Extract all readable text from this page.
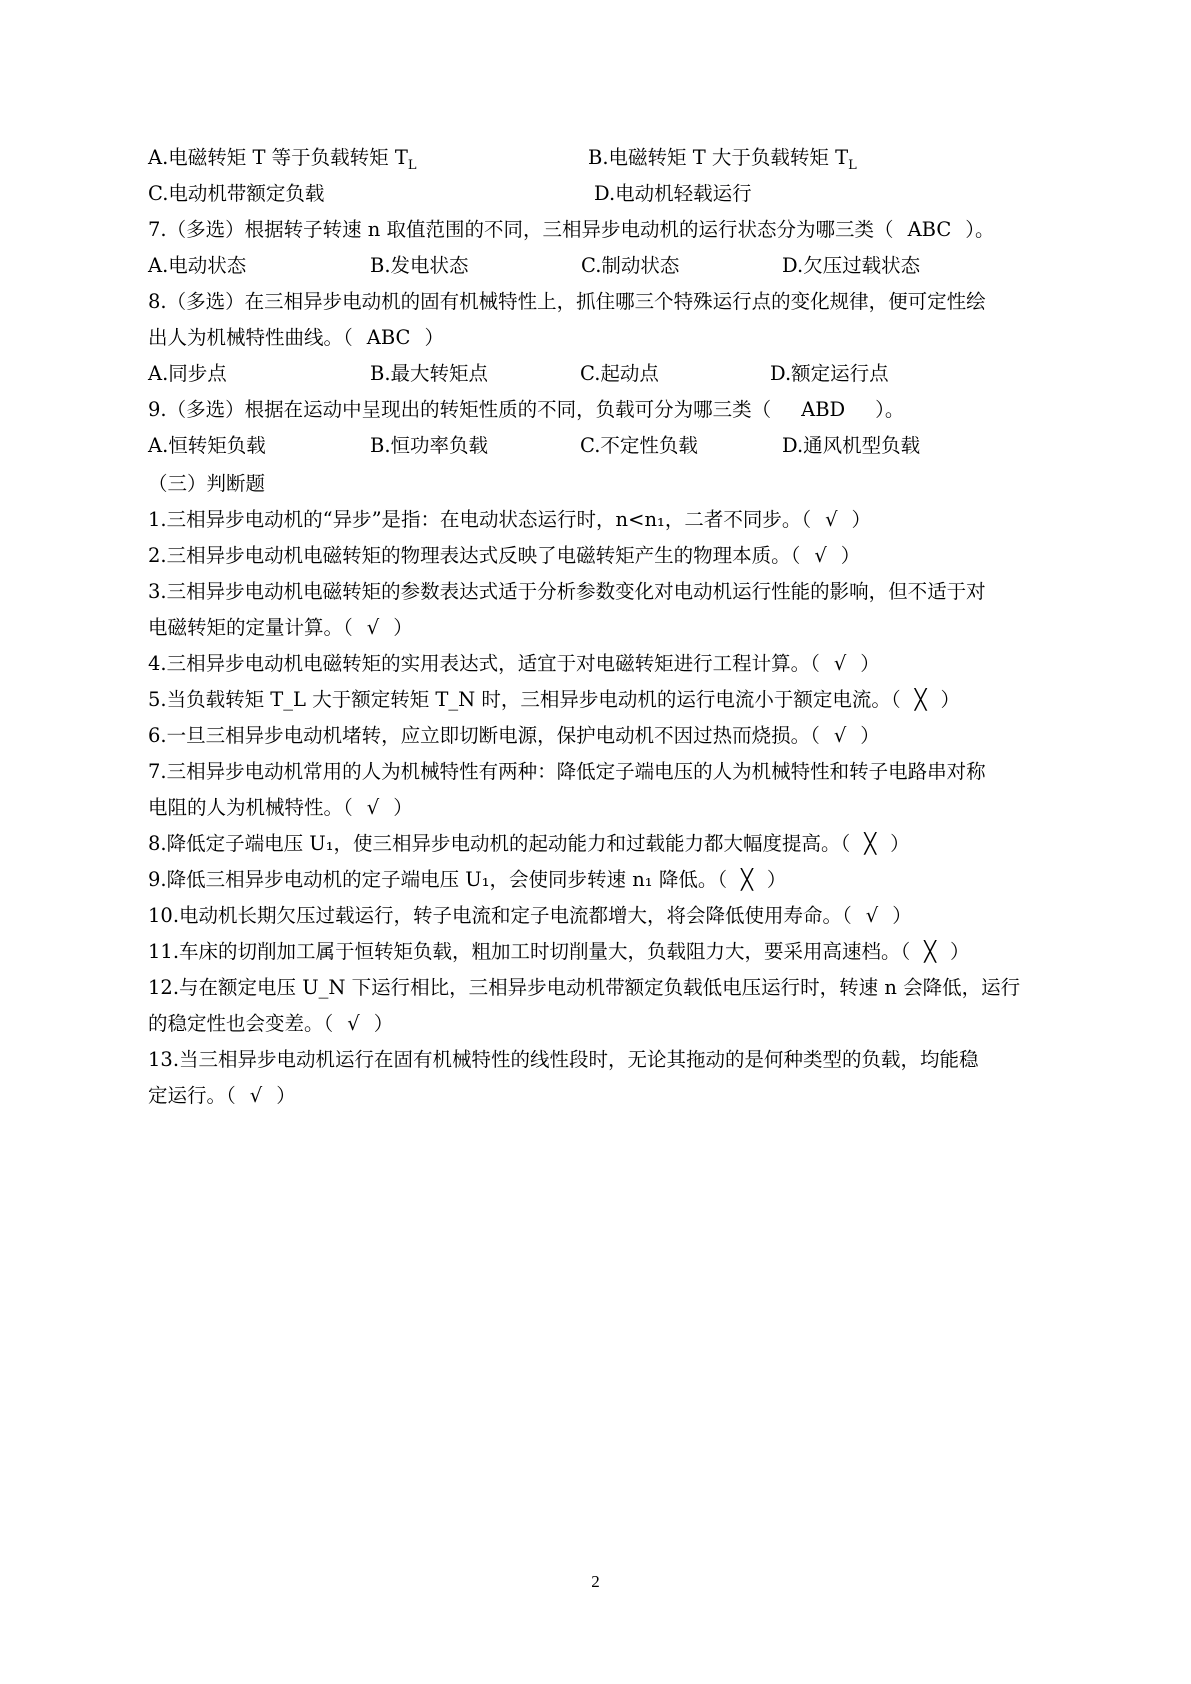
A.电磁转矩 T 等于负载转矩 $T_L$	B.电磁转矩 T 大于负载转矩 $T_L$
C.电动机带额定负载	D.电动机轻载运行
7.（多选）根据转子转速 n 取值范围的不同，三相异步电动机的运行状态分为哪三类（ ABC ）。
A.电动状态	B.发电状态	C.制动状态	D.欠压过载状态
8.（多选）在三相异步电动机的固有机械特性上，抓住哪三个特殊运行点的变化规律，便可定性绘
出人为机械特性曲线。（ ABC ）
A.同步点	B.最大转矩点	C.起动点	D.额定运行点
9.（多选）根据在运动中呈现出的转矩性质的不同，负载可分为哪三类（ ABD ）。
A.恒转矩负载	B.恒功率负载	C.不定性负载	D.通风机型负载
（三）判断题
1.三相异步电动机的“异步”是指：在电动状态运行时，n<n₁，二者不同步。（ √ ）
2.三相异步电动机电磁转矩的物理表达式反映了电磁转矩产生的物理本质。（ √ ）
3.三相异步电动机电磁转矩的参数表达式适于分析参数变化对电动机运行性能的影响，但不适于对
电磁转矩的定量计算。（ √ ）
4.三相异步电动机电磁转矩的实用表达式，适宜于对电磁转矩进行工程计算。（ √ ）
5.当负载转矩 T_L 大于额定转矩 T_N 时，三相异步电动机的运行电流小于额定电流。（ ╳ ）
6.一旦三相异步电动机堵转，应立即切断电源，保护电动机不因过热而烧损。（ √ ）
7.三相异步电动机常用的人为机械特性有两种：降低定子端电压的人为机械特性和转子电路串对称
电阻的人为机械特性。（ √ ）
8.降低定子端电压 U₁，使三相异步电动机的起动能力和过载能力都大幅度提高。（ ╳ ）
9.降低三相异步电动机的定子端电压 U₁，会使同步转速 n₁ 降低。（ ╳ ）
10.电动机长期欠压过载运行，转子电流和定子电流都增大，将会降低使用寿命。（ √ ）
11.车床的切削加工属于恒转矩负载，粗加工时切削量大，负载阻力大，要采用高速档。（ ╳ ）
12.与在额定电压 U_N 下运行相比，三相异步电动机带额定负载低电压运行时，转速 n 会降低，运行
的稳定性也会变差。（ √ ）
13.当三相异步电动机运行在固有机械特性的线性段时，无论其拖动的是何种类型的负载，均能稳
定运行。（ √ ）
2
